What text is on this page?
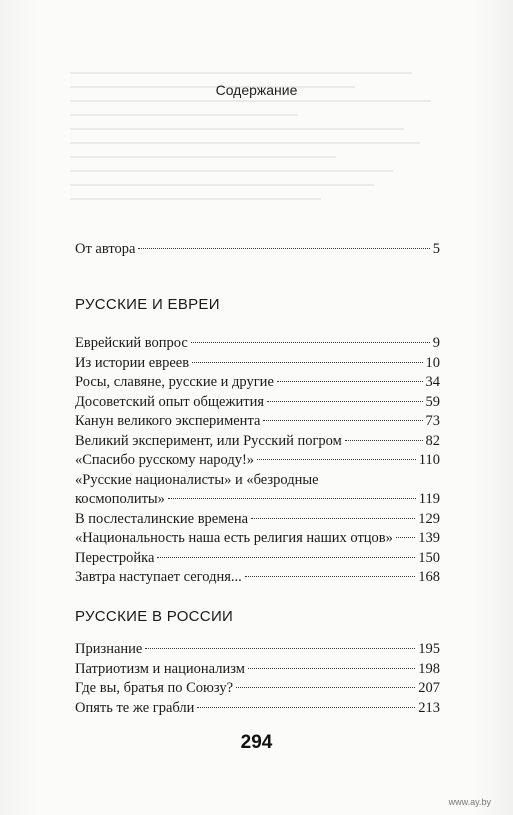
Содержание
От автора	5
РУССКИЕ И ЕВРЕИ
Еврейский вопрос	9
Из истории евреев	10
Росы, славяне, русские и другие	34
Досоветский опыт общежития	59
Канун великого эксперимента	73
Великий эксперимент, или Русский погром	82
«Спасибо русскому народу!»	110
«Русские националисты» и «безродные
космополиты»	119
В послесталинские времена	129
«Национальность наша есть религия наших отцов» 139
Перестройка	150
Завтра наступает сегодня...	168
РУССКИЕ В РОССИИ
Признание	195
Патриотизм и национализм	198
Где вы, братья по Союзу?	207
Опять те же грабли	213
294
www.ay.by
